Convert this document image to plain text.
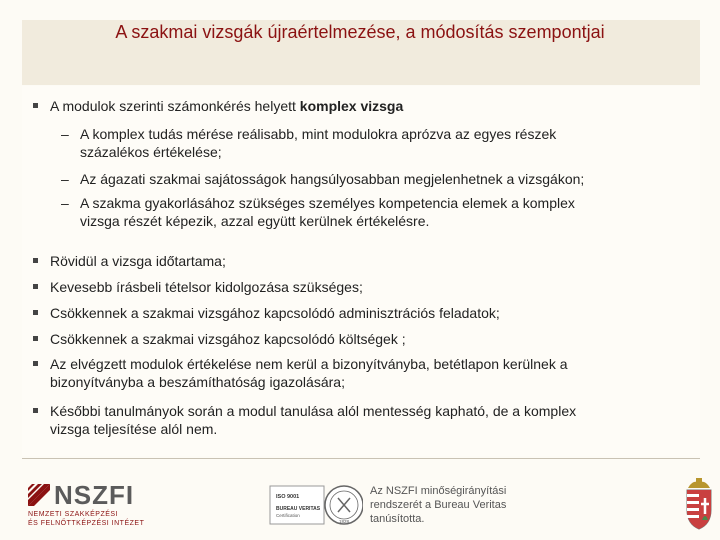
A szakmai vizsgák újraértelmezése, a módosítás szempontjai
A modulok szerinti számonkérés helyett komplex vizsga
– A komplex tudás mérése reálisabb, mint modulokra aprózva az egyes részek
százalékos értékelése;
– Az ágazati szakmai sajátosságok hangsúlyosabban megjelenhetnek a vizsgákon;
– A szakma gyakorlásához szükséges személyes kompetencia elemek a komplex
vizsga részét képezik, azzal együtt kerülnek értékelésre.
Rövidül a vizsga időtartama;
Kevesebb írásbeli tételsor kidolgozása szükséges;
Csökkennek a szakmai vizsgához kapcsolódó adminisztrációs feladatok;
Csökkennek a szakmai vizsgához kapcsolódó költségek ;
Az elvégzett modulok értékelése nem kerül a bizonyítványba, betétlapon kerülnek a
bizonyítványba a beszámíthatóság igazolására;
Későbbi tanulmányok során a modul tanulása alól mentesség kapható, de a komplex
vizsga teljesítése alól nem.
NSZFI
NEMZETI SZAKKÉPZÉSI
ÉS FELNŐTTKÉPZÉSI INTÉZET
ISO 9001
BUREAU VERITAS
Certification
1828
Az NSZFI minőségirányítási
rendszerét a Bureau Veritas
tanúsította.
